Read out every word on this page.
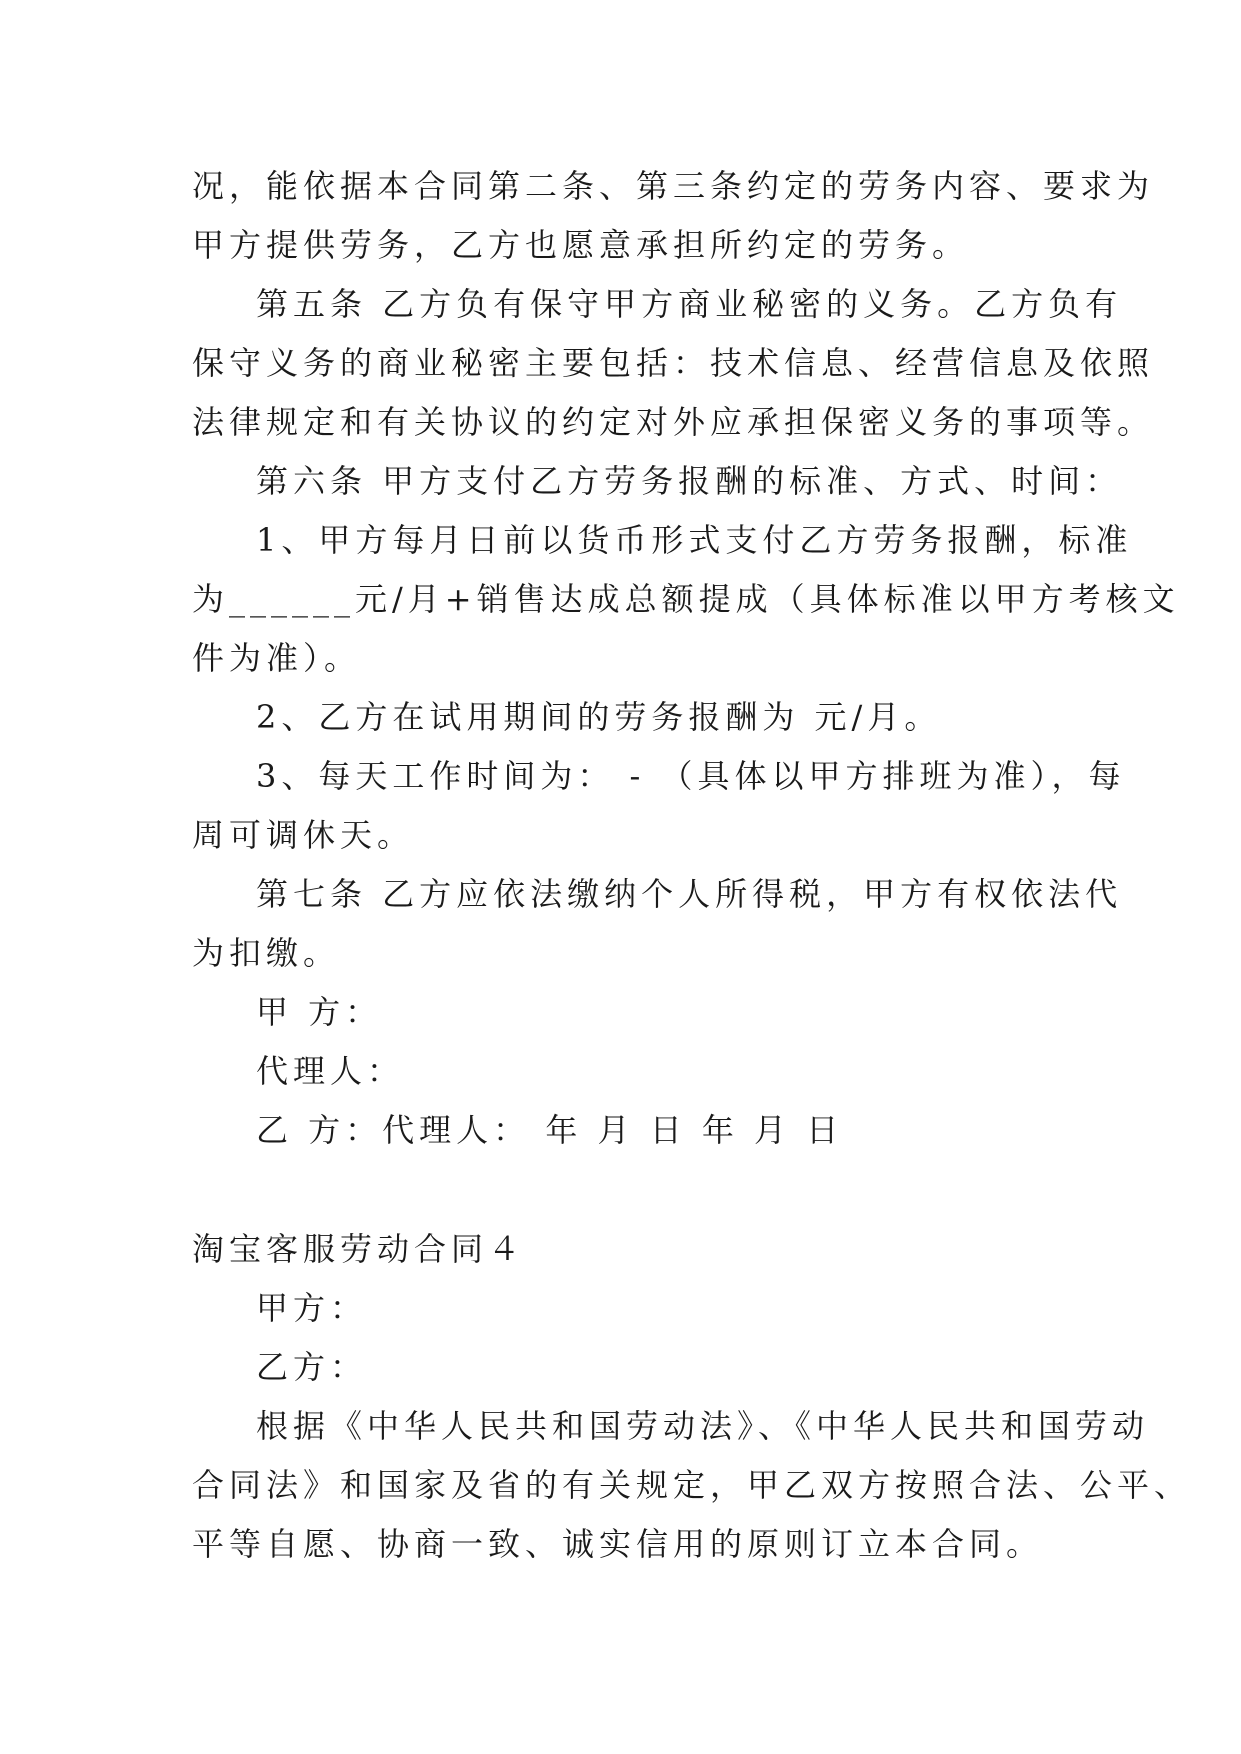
况，能依据本合同第二条、第三条约定的劳务内容、要求为
甲方提供劳务，乙方也愿意承担所约定的劳务。
第五条 乙方负有保守甲方商业秘密的义务。乙方负有
保守义务的商业秘密主要包括：技术信息、经营信息及依照
法律规定和有关协议的约定对外应承担保密义务的事项等。
第六条 甲方支付乙方劳务报酬的标准、方式、时间：
1、甲方每月日前以货币形式支付乙方劳务报酬，标准
为______元/月+销售达成总额提成（具体标准以甲方考核文
件为准）。
2、乙方在试用期间的劳务报酬为 元/月。
3、每天工作时间为： - （具体以甲方排班为准），每
周可调休天。
第七条 乙方应依法缴纳个人所得税，甲方有权依法代
为扣缴。
甲 方：
代理人：
乙 方：代理人： 年 月 日 年 月 日
淘宝客服劳动合同４
甲方：
乙方：
根据《中华人民共和国劳动法》、《中华人民共和国劳动
合同法》和国家及省的有关规定，甲乙双方按照合法、公平、
平等自愿、协商一致、诚实信用的原则订立本合同。
